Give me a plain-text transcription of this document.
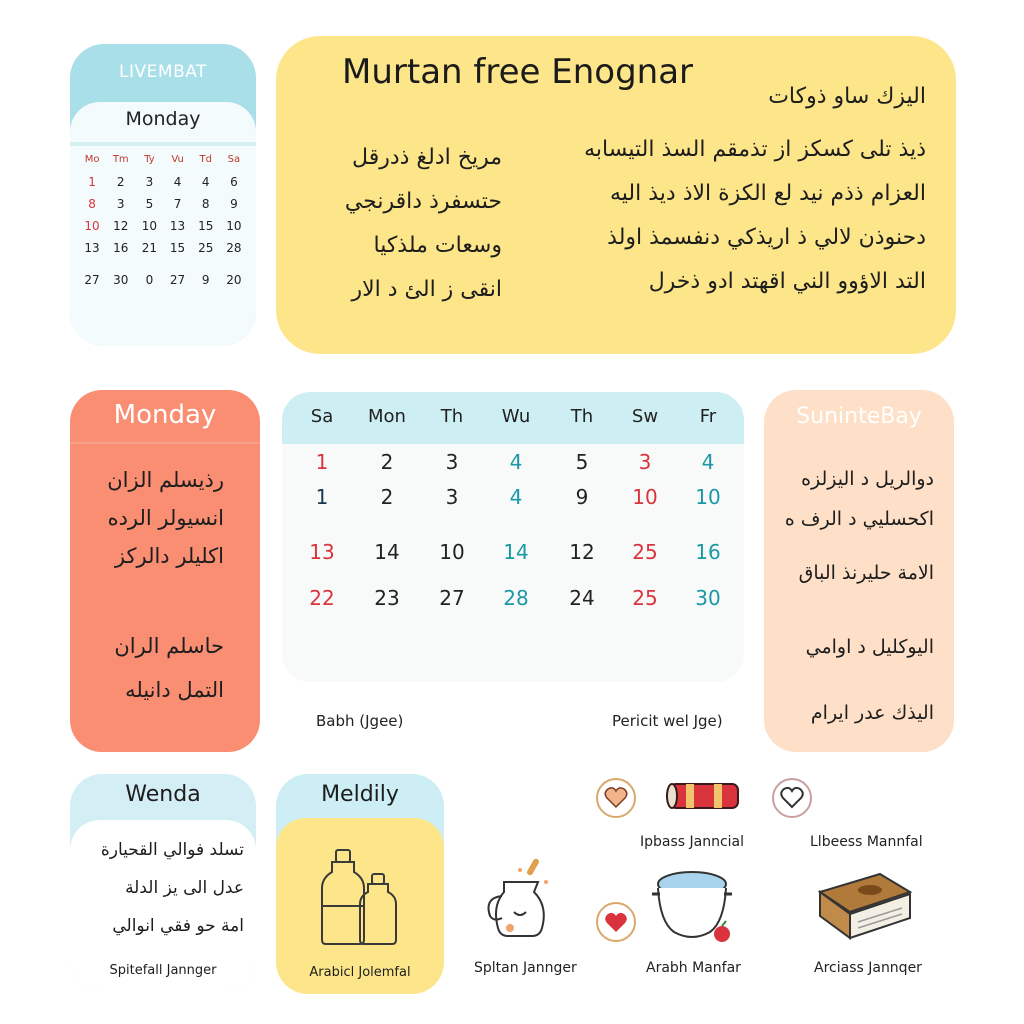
LIVEMBAT
Monday
Mo	Tm	Ty	Vu	Td	Sa
1	2	3	4	4	6
8	3	5	7	8	9
10	12	10	13	15	10
13	16	21	15	25	28
27	30	0	27	9	20
Murtan free Enognar
اليزك ساو ذوكات
مريخ ادلغ ذدرقل
حتسفرذ داقرنجي
وسعات ملذكيا
انقى ز الئ د الار
ذيذ تلى كسكز از تذمقم السذ التيسابه
العزام ذذم نيد لع الكزة الاذ ديذ اليه
دحنوذن لالي ذ اريذكي دنفسمذ اولذ
التد الاؤوو الني اقهتد ادو ذخرل
Monday
رذيسلم الزان
انسيولر الرده
اكليلر دالركز
حاسلم الران
التمل دانيله
Sa	Mon	Th	Wu	Th	Sw	Fr
1	2	3	4	5	3	4
1	2	3	4	9	10	10
13	14	10	14	12	25	16
22	23	27	28	24	25	30
Babh (Jgee)	Pericit wel Jge)
SuninteBay
دوالريل د اليزلزه
اكحسليي د الرف ه
الامة حليرنذ الباق
اليوكليل د اوامي
اليذك عدر ايرام
Wenda
تسلد فوالي القحيارة
عدل الى يز الدلة
امة حو فقي انوالي
Spitefall Jannger
Meldily
Arabicl Jolemfal
Ipbass Janncial	Llbeess Mannfal
Spltan Jannger	Arabh Manfar	Arciass Jannqer
